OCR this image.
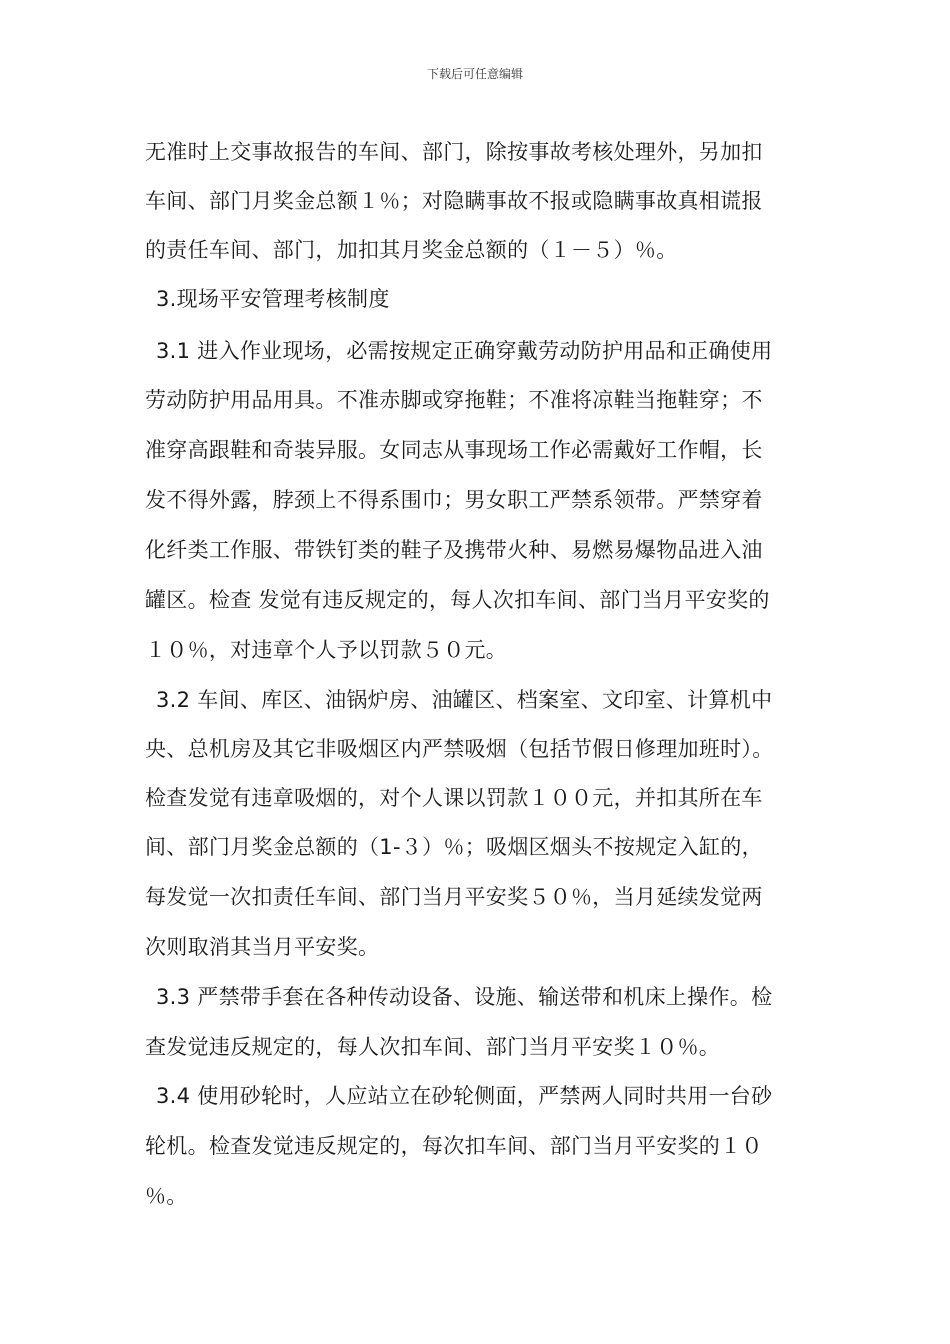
下载后可任意编辑
无准时上交事故报告的车间、部门，除按事故考核处理外，另加扣
车间、部门月奖金总额１％；对隐瞒事故不报或隐瞒事故真相谎报
的责任车间、部门，加扣其月奖金总额的（１－５）％。
3.现场平安管理考核制度
3.1 进入作业现场，必需按规定正确穿戴劳动防护用品和正确使用
劳动防护用品用具。不准赤脚或穿拖鞋；不准将凉鞋当拖鞋穿；不
准穿高跟鞋和奇装异服。女同志从事现场工作必需戴好工作帽，长
发不得外露，脖颈上不得系围巾；男女职工严禁系领带。严禁穿着
化纤类工作服、带铁钉类的鞋子及携带火种、易燃易爆物品进入油
罐区。检查 发觉有违反规定的，每人次扣车间、部门当月平安奖的
１０％，对违章个人予以罚款５０元。
3.2 车间、库区、油锅炉房、油罐区、档案室、文印室、计算机中
央、总机房及其它非吸烟区内严禁吸烟（包括节假日修理加班时）。
检查发觉有违章吸烟的，对个人课以罚款１００元，并扣其所在车
间、部门月奖金总额的（1-３）％；吸烟区烟头不按规定入缸的，
每发觉一次扣责任车间、部门当月平安奖５０％，当月延续发觉两
次则取消其当月平安奖。
3.3 严禁带手套在各种传动设备、设施、输送带和机床上操作。检
查发觉违反规定的，每人次扣车间、部门当月平安奖１０％。
3.4 使用砂轮时，人应站立在砂轮侧面，严禁两人同时共用一台砂
轮机。检查发觉违反规定的，每次扣车间、部门当月平安奖的１０
％。
